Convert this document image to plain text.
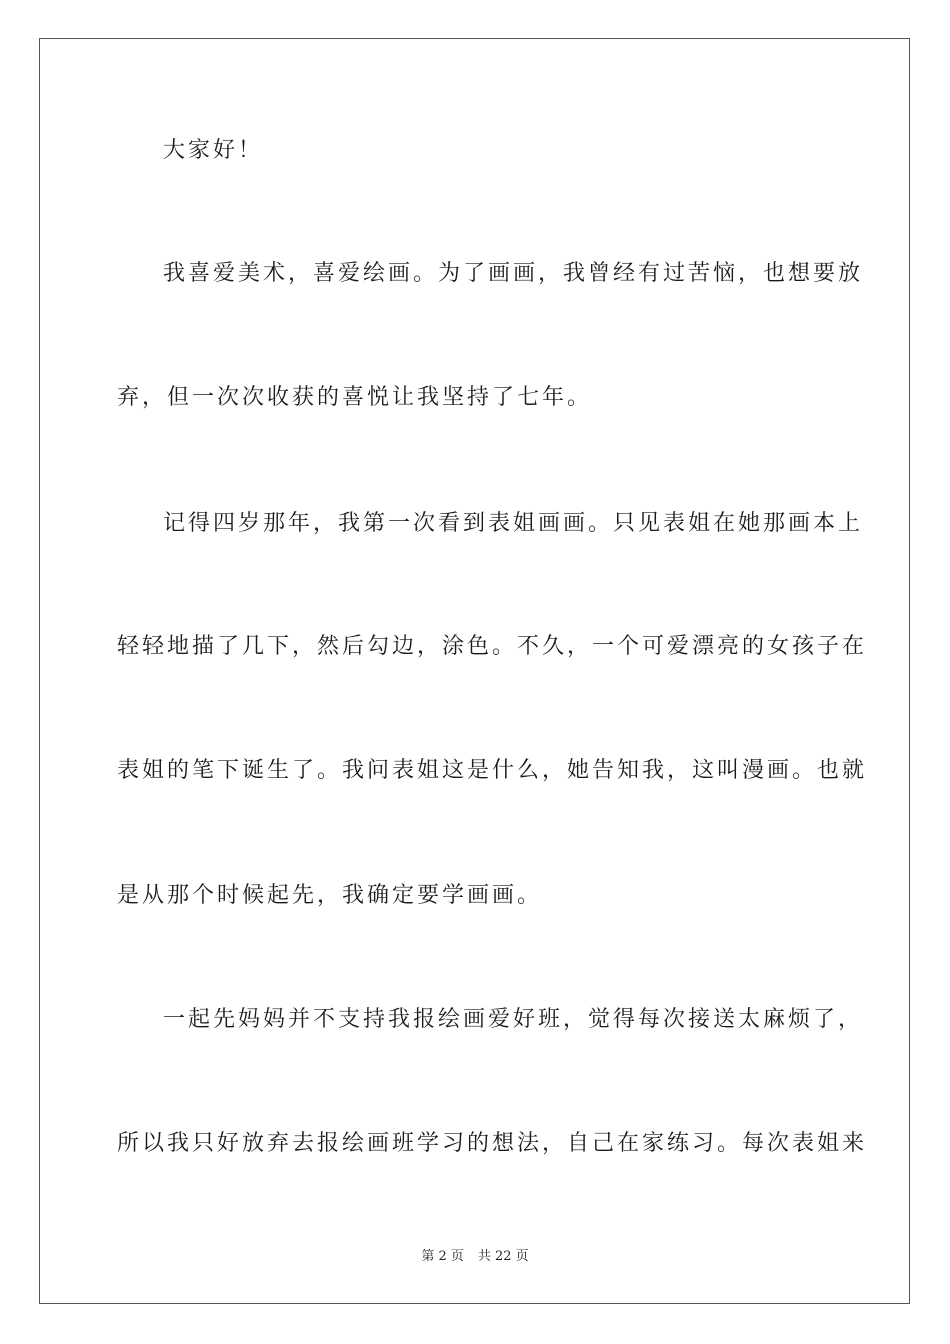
大家好！
我喜爱美术，喜爱绘画。为了画画，我曾经有过苦恼，也想要放
弃，但一次次收获的喜悦让我坚持了七年。
记得四岁那年，我第一次看到表姐画画。只见表姐在她那画本上
轻轻地描了几下，然后勾边，涂色。不久，一个可爱漂亮的女孩子在
表姐的笔下诞生了。我问表姐这是什么，她告知我，这叫漫画。也就
是从那个时候起先，我确定要学画画。
一起先妈妈并不支持我报绘画爱好班，觉得每次接送太麻烦了，
所以我只好放弃去报绘画班学习的想法，自己在家练习。每次表姐来
第 2 页 共 22 页
